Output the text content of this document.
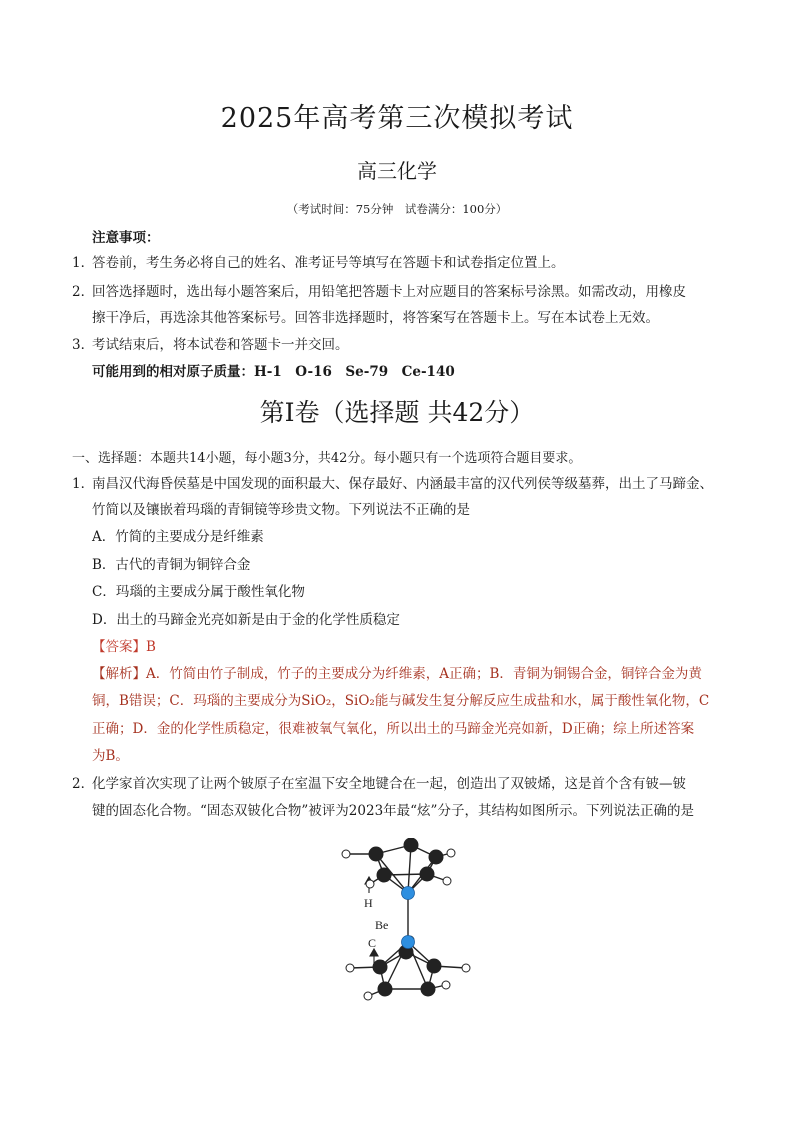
2025年高考第三次模拟考试
高三化学
（考试时间：75分钟　试卷满分：100分）
注意事项：
1．
答卷前，考生务必将自己的姓名、准考证号等填写在答题卡和试卷指定位置上。
2．
回答选择题时，选出每小题答案后，用铅笔把答题卡上对应题目的答案标号涂黑。如需改动，用橡皮
擦干净后，再选涂其他答案标号。回答非选择题时，将答案写在答题卡上。写在本试卷上无效。
3．
考试结束后，将本试卷和答题卡一并交回。
可能用到的相对原子质量：H-1　O-16　Se-79　Ce-140
第Ⅰ卷（选择题 共42分）
一、选择题：本题共14小题，每小题3分，共42分。每小题只有一个选项符合题目要求。
1．
南昌汉代海昏侯墓是中国发现的面积最大、保存最好、内涵最丰富的汉代列侯等级墓葬，出土了马蹄金、
竹简以及镶嵌着玛瑙的青铜镜等珍贵文物。下列说法不正确的是
A．竹简的主要成分是纤维素
B．古代的青铜为铜锌合金
C．玛瑙的主要成分属于酸性氧化物
D．出土的马蹄金光亮如新是由于金的化学性质稳定
【答案】B
【解析】A．竹简由竹子制成，竹子的主要成分为纤维素，A正确；B．青铜为铜锡合金，铜锌合金为黄
铜，B错误；C．玛瑙的主要成分为SiO₂，SiO₂能与碱发生复分解反应生成盐和水，属于酸性氧化物，C
正确；D．金的化学性质稳定，很难被氧气氧化，所以出土的马蹄金光亮如新，D正确；综上所述答案
为B。
2．
化学家首次实现了让两个铍原子在室温下安全地键合在一起，创造出了双铍烯，这是首个含有铍—铍
键的固态化合物。“固态双铍化合物”被评为2023年最“炫”分子，其结构如图所示。下列说法正确的是
H
Be
C
